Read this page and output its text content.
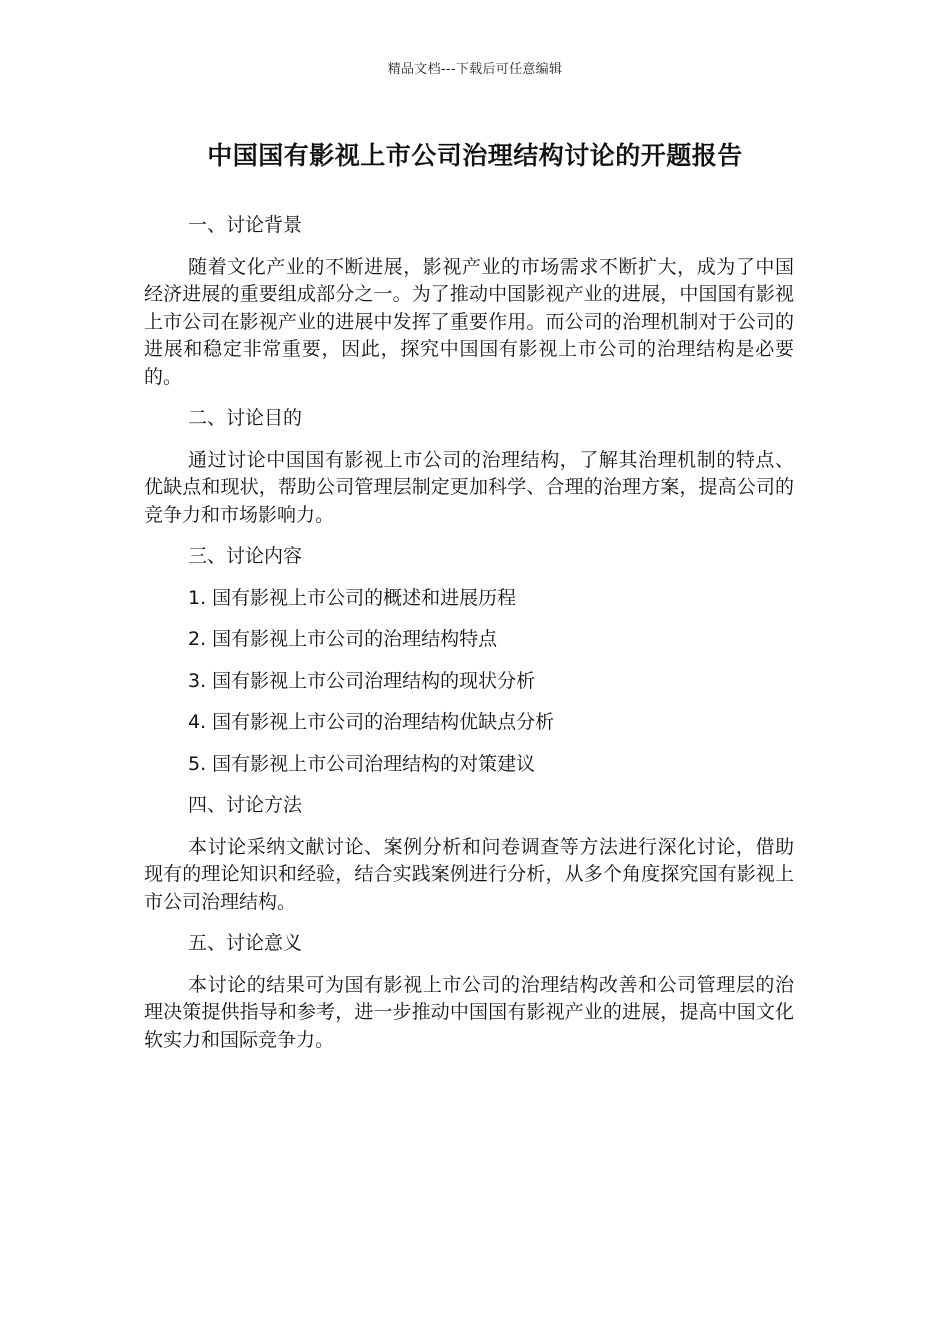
精品文档---下载后可任意编辑
中国国有影视上市公司治理结构讨论的开题报告

一、讨论背景

随着文化产业的不断进展，影视产业的市场需求不断扩大，成为了中国经济进展的重要组成部分之一。为了推动中国影视产业的进展，中国国有影视上市公司在影视产业的进展中发挥了重要作用。而公司的治理机制对于公司的进展和稳定非常重要，因此，探究中国国有影视上市公司的治理结构是必要的。

二、讨论目的

通过讨论中国国有影视上市公司的治理结构，了解其治理机制的特点、优缺点和现状，帮助公司管理层制定更加科学、合理的治理方案，提高公司的竞争力和市场影响力。

三、讨论内容

1. 国有影视上市公司的概述和进展历程
2. 国有影视上市公司的治理结构特点
3. 国有影视上市公司治理结构的现状分析
4. 国有影视上市公司的治理结构优缺点分析
5. 国有影视上市公司治理结构的对策建议

四、讨论方法

本讨论采纳文献讨论、案例分析和问卷调查等方法进行深化讨论，借助现有的理论知识和经验，结合实践案例进行分析，从多个角度探究国有影视上市公司治理结构。

五、讨论意义

本讨论的结果可为国有影视上市公司的治理结构改善和公司管理层的治理决策提供指导和参考，进一步推动中国国有影视产业的进展，提高中国文化软实力和国际竞争力。
